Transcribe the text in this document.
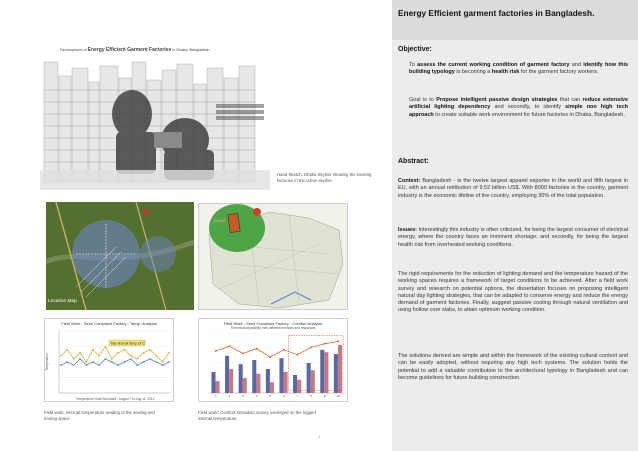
Development of Energy Efficient Garment Factories in Dhaka, Bangladesh
Hand Sketch, Dhaka Skyline showing the existing factories in the urban skyline.
Location Map
SAVAR
Field Work - Semi Compliant Factory - Temp. Analysis
Max Normal Temp 28°C
Temperature
Temperature Data Recorded - August 7 to Aug 11, 2011
Field work, internal temperature reading of the sewing and ironing space.
Field Work - Semi Compliant Factory - Comfort Analysis
Thermal Acceptability from different methods and responses
1	2	3	4	5	6	7	8	9	10
Field work: Comfort sensation survey overlayed on the logged internal temperature.
1
Energy Efficient garment factories in Bangladesh.
Objective:
To assess the current working condition of garment factory and identify how this building typology is becoming a health risk for the garment factory workers.
Goal is to Propose intelligent passive design strategies that can reduce extensive artificial lighting dependency and secondly, to identify simple non high tech approach to create suitable work environment for future factories in Dhaka, Bangladesh.
Abstract:
Context: Bangladesh - is the twelve largest apparel exporter in the world and fifth largest in EU, with an annual retribution of 9.52 billion US$. With 8000 factories in the country, garment industry is the economic lifeline of the country, employing 30% of the total population.
Issues: Interestingly this industry is often criticized, for being the largest consumer of electrical energy, where the country faces an imminent shortage; and secondly, for being the largest health risk from overheated working conditions.
The rigid requirements for the reduction of lighting demand and the temperature hazard of the working spaces requires a framework of target conditions to be achieved. After a field work survey and research on potential options, the dissertation focuses on proposing intelligent natural day lighting strategies, that can be adapted to conserve energy and reduce the energy demand of garment factories. Finally, suggest passive cooling through natural ventilation and using hollow core slabs, to attain optimum working condition.
The solutions derived are simple and within the framework of the existing cultural context and can be easily adopted, without requiring any high tech systems. The solution holds the potential to add a valuable contribution to the architectural typology in Bangladesh and can become guidelines for future building construction.
